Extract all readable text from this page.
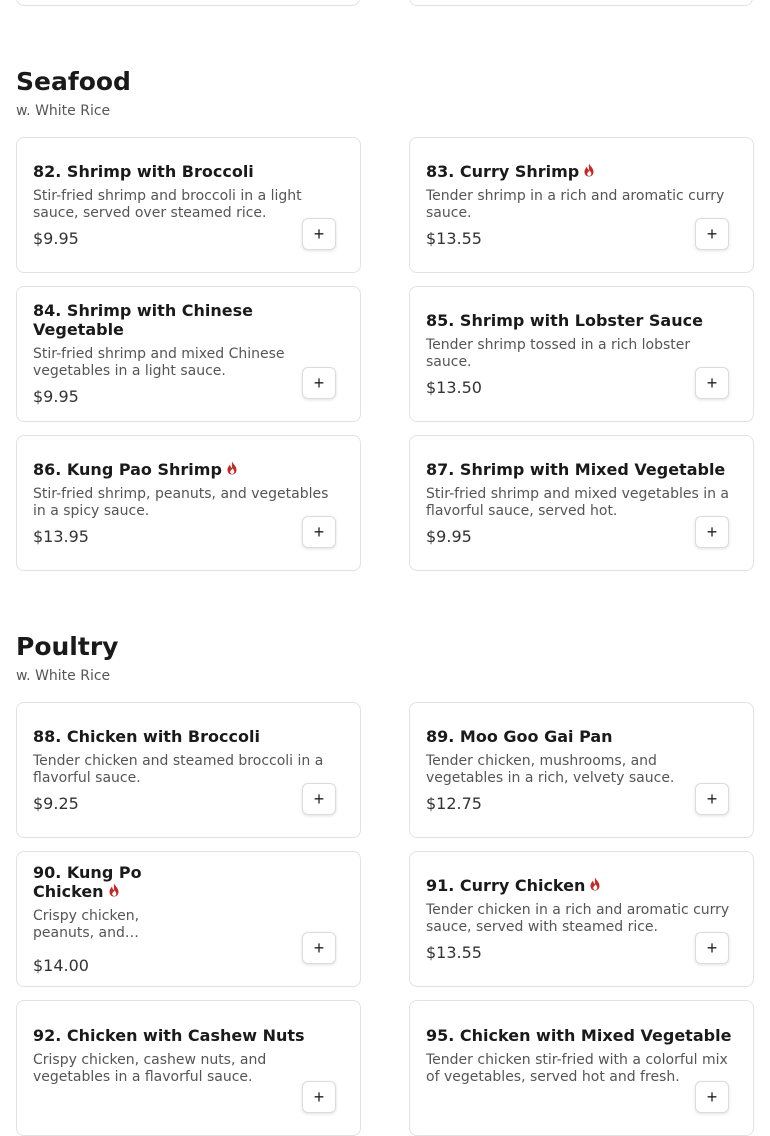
Seafood
w. White Rice
82. Shrimp with Broccoli
Stir-fried shrimp and broccoli in a light sauce, served over steamed rice.
$9.95	+
83. Curry Shrimp
Tender shrimp in a rich and aromatic curry sauce.
$13.55	+
84. Shrimp with Chinese Vegetable
Stir-fried shrimp and mixed Chinese vegetables in a light sauce.
$9.95
+
85. Shrimp with Lobster Sauce
Tender shrimp tossed in a rich lobster sauce.
$13.50	+
86. Kung Pao Shrimp
Stir-fried shrimp, peanuts, and vegetables in a spicy sauce.
$13.95	+
87. Shrimp with Mixed Vegetable
Stir-fried shrimp and mixed vegetables in a flavorful sauce, served hot.
$9.95	+
Poultry
w. White Rice
88. Chicken with Broccoli
Tender chicken and steamed broccoli in a flavorful sauce.
$9.25	+
89. Moo Goo Gai Pan
Tender chicken, mushrooms, and vegetables in a rich, velvety sauce.
$12.75	+
90. Kung Po Chicken
Crispy chicken, peanuts, and…
$14.00
+
91. Curry Chicken
Tender chicken in a rich and aromatic curry sauce, served with steamed rice.
$13.55	+
92. Chicken with Cashew Nuts
Crispy chicken, cashew nuts, and vegetables in a flavorful sauce.
+
95. Chicken with Mixed Vegetable
Tender chicken stir-fried with a colorful mix of vegetables, served hot and fresh.
+
